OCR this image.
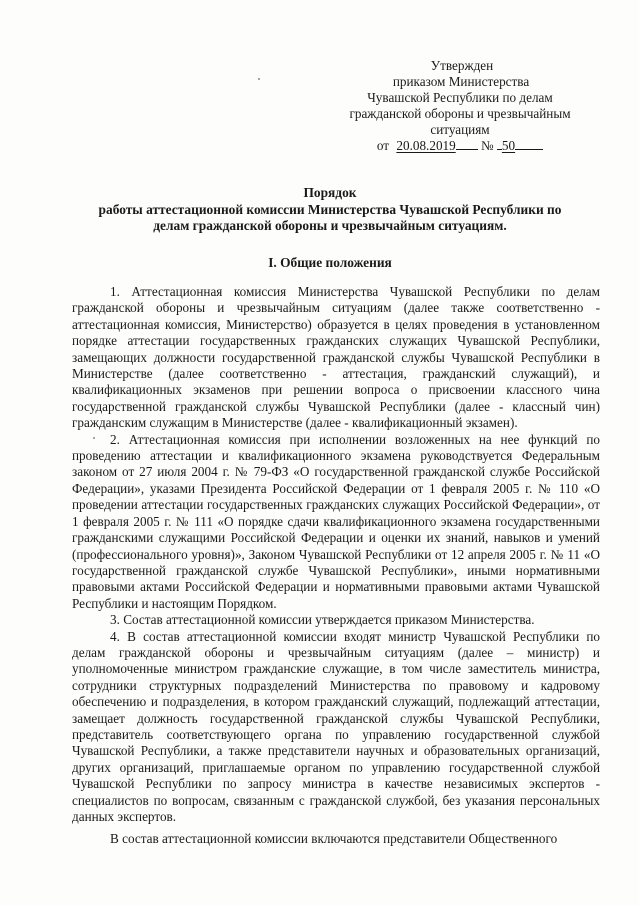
Утвержден
приказом Министерства
Чувашской Республики по делам
гражданской обороны и чрезвычайным
ситуациям
от 20.08.2019 № 50
Порядок
работы аттестационной комиссии Министерства Чувашской Республики по
делам гражданской обороны и чрезвычайным ситуациям.
I. Общие положения

1. Аттестационная комиссия Министерства Чувашской Республики по делам гражданской обороны и чрезвычайным ситуациям (далее также соответственно - аттестационная комиссия, Министерство) образуется в целях проведения в установленном порядке аттестации государственных гражданских служащих Чувашской Республики, замещающих должности государственной гражданской службы Чувашской Республики в Министерстве (далее соответственно - аттестация, гражданский служащий), и квалификационных экзаменов при решении вопроса о присвоении классного чина государственной гражданской службы Чувашской Республики (далее - классный чин) гражданским служащим в Министерстве (далее - квалификационный экзамен).

2. Аттестационная комиссия при исполнении возложенных на нее функций по проведению аттестации и квалификационного экзамена руководствуется Федеральным законом от 27 июля 2004 г. № 79-ФЗ «О государственной гражданской службе Российской Федерации», указами Президента Российской Федерации от 1 февраля 2005 г. № 110 «О проведении аттестации государственных гражданских служащих Российской Федерации», от 1 февраля 2005 г. № 111 «О порядке сдачи квалификационного экзамена государственными гражданскими служащими Российской Федерации и оценки их знаний, навыков и умений (профессионального уровня)», Законом Чувашской Республики от 12 апреля 2005 г. № 11 «О государственной гражданской службе Чувашской Республики», иными нормативными правовыми актами Российской Федерации и нормативными правовыми актами Чувашской Республики и настоящим Порядком.

3. Состав аттестационной комиссии утверждается приказом Министерства.

4. В состав аттестационной комиссии входят министр Чувашской Республики по делам гражданской обороны и чрезвычайным ситуациям (далее – министр) и уполномоченные министром гражданские служащие, в том числе заместитель министра, сотрудники структурных подразделений Министерства по правовому и кадровому обеспечению и подразделения, в котором гражданский служащий, подлежащий аттестации, замещает должность государственной гражданской службы Чувашской Республики, представитель соответствующего органа по управлению государственной службой Чувашской Республики, а также представители научных и образовательных организаций, других организаций, приглашаемые органом по управлению государственной службой Чувашской Республики по запросу министра в качестве независимых экспертов - специалистов по вопросам, связанным с гражданской службой, без указания персональных данных экспертов.

В состав аттестационной комиссии включаются представители Общественного
